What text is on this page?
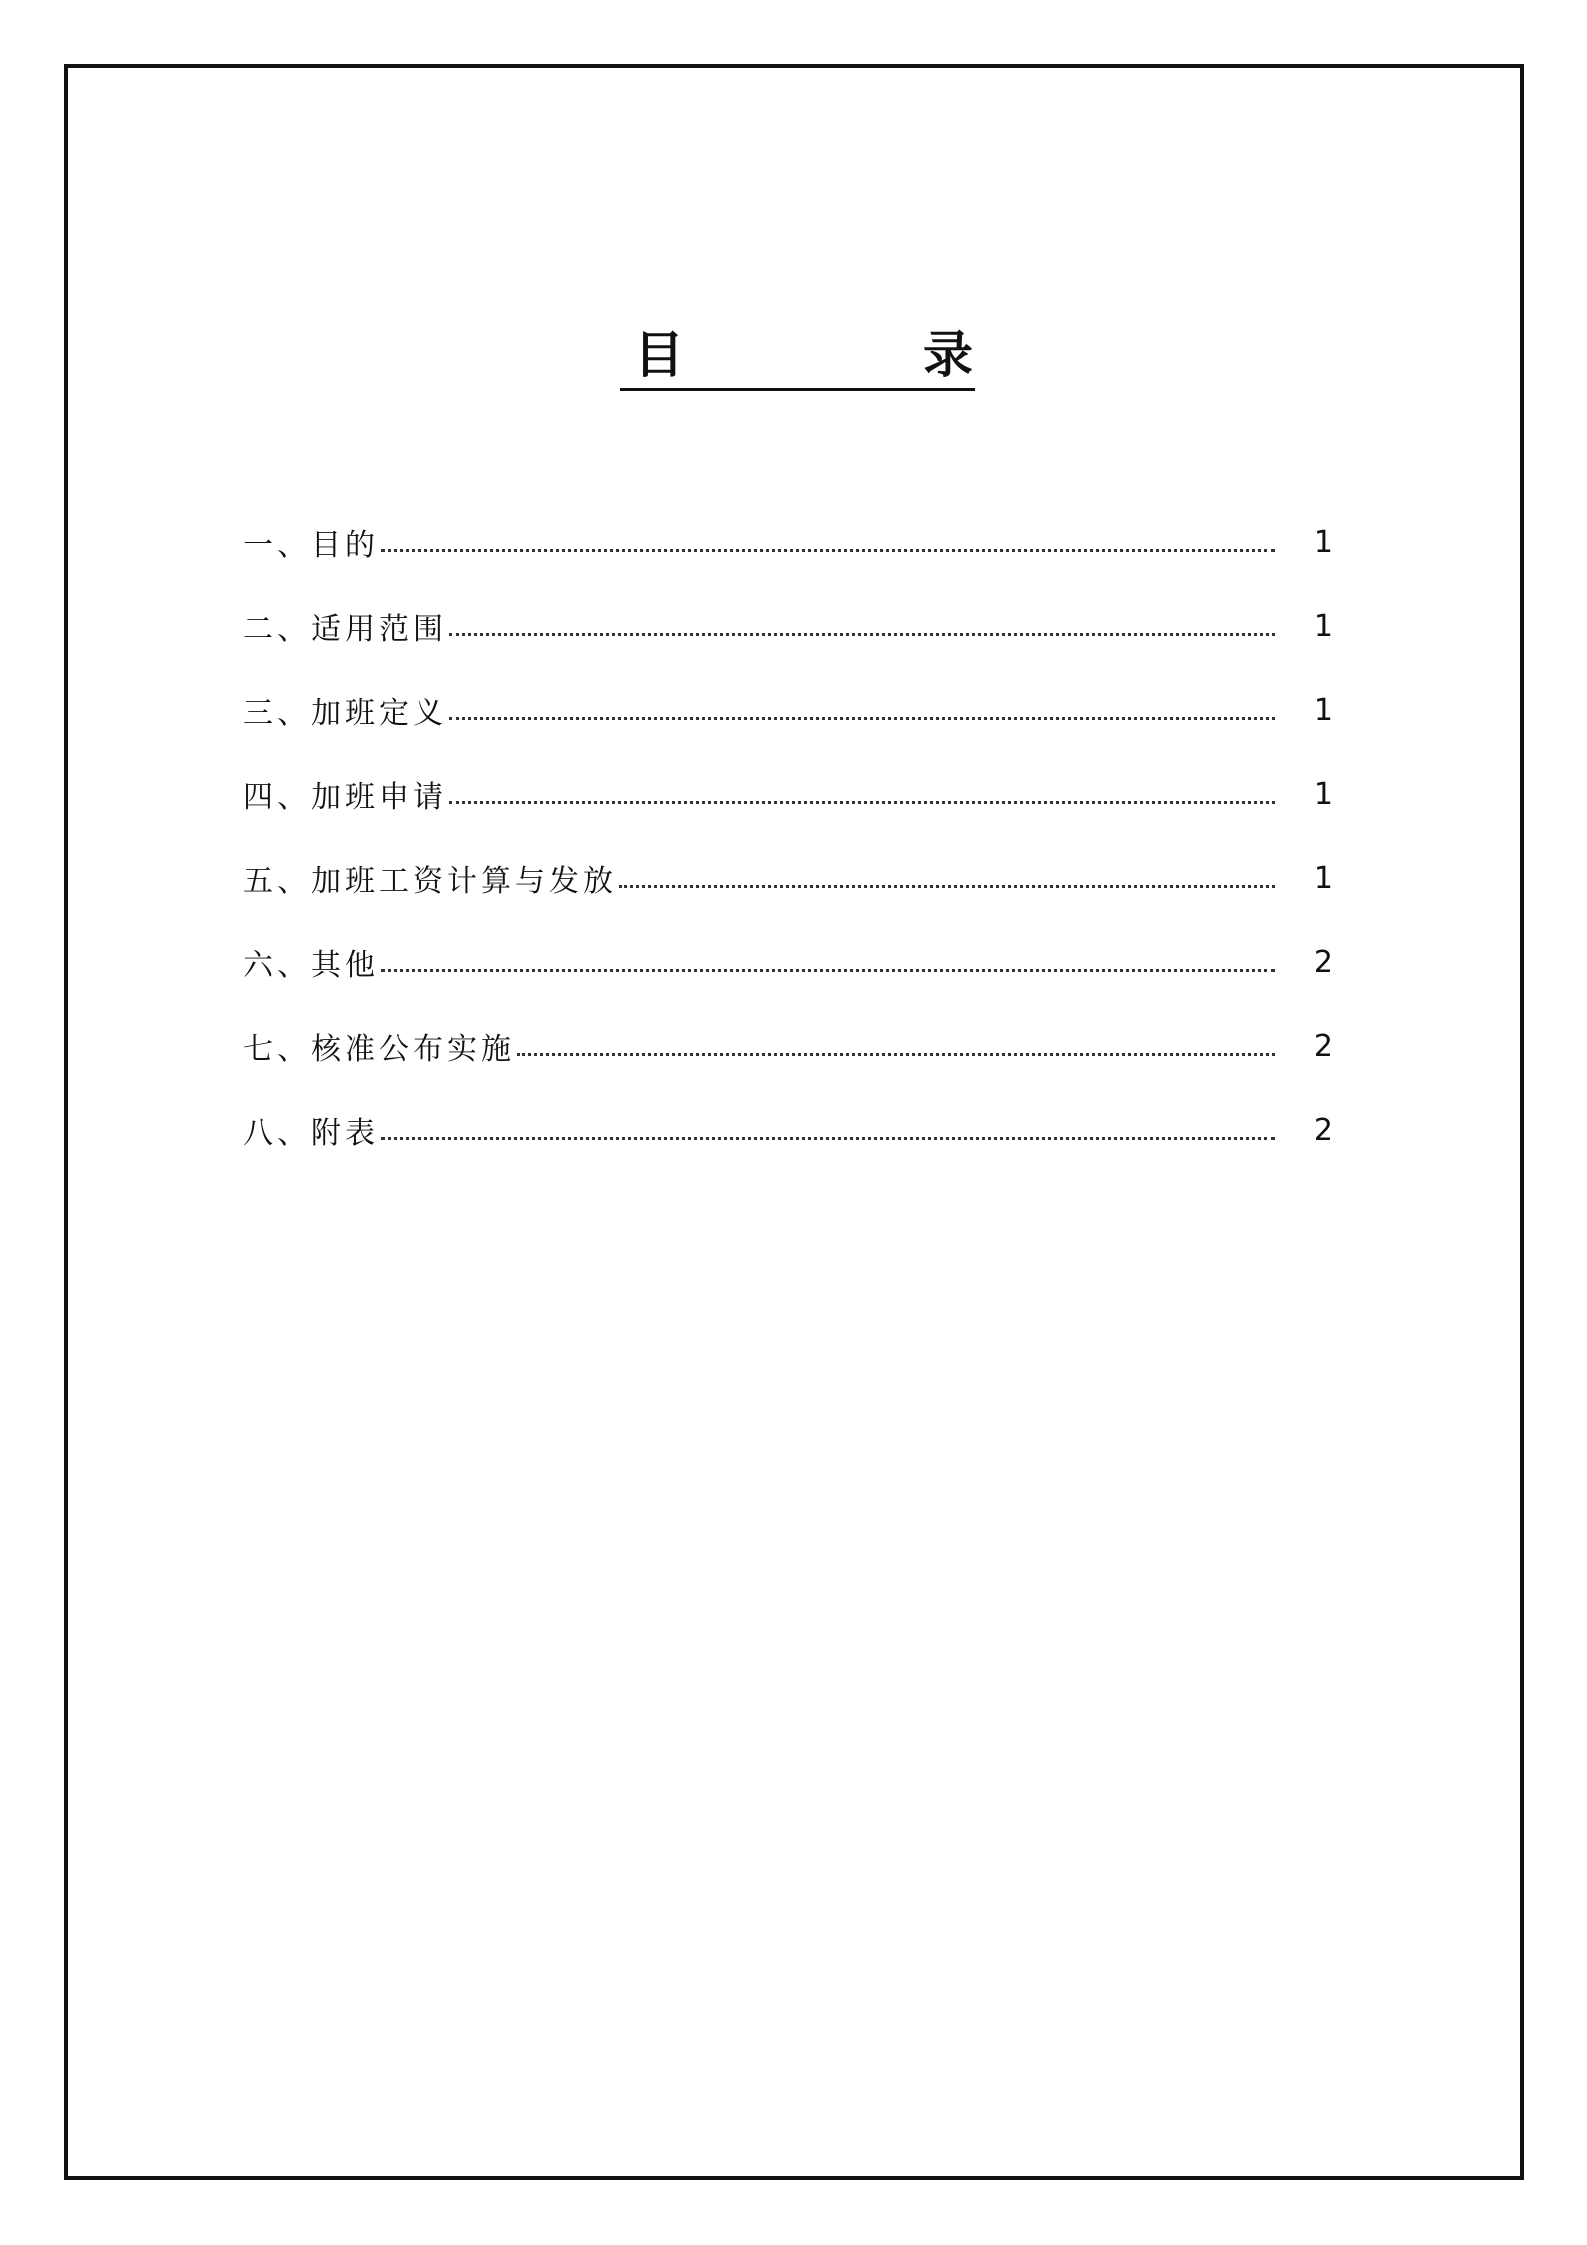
目	录
一、目的	1
二、适用范围	1
三、加班定义	1
四、加班申请	1
五、加班工资计算与发放	1
六、其他	2
七、核准公布实施	2
八、附表	2
